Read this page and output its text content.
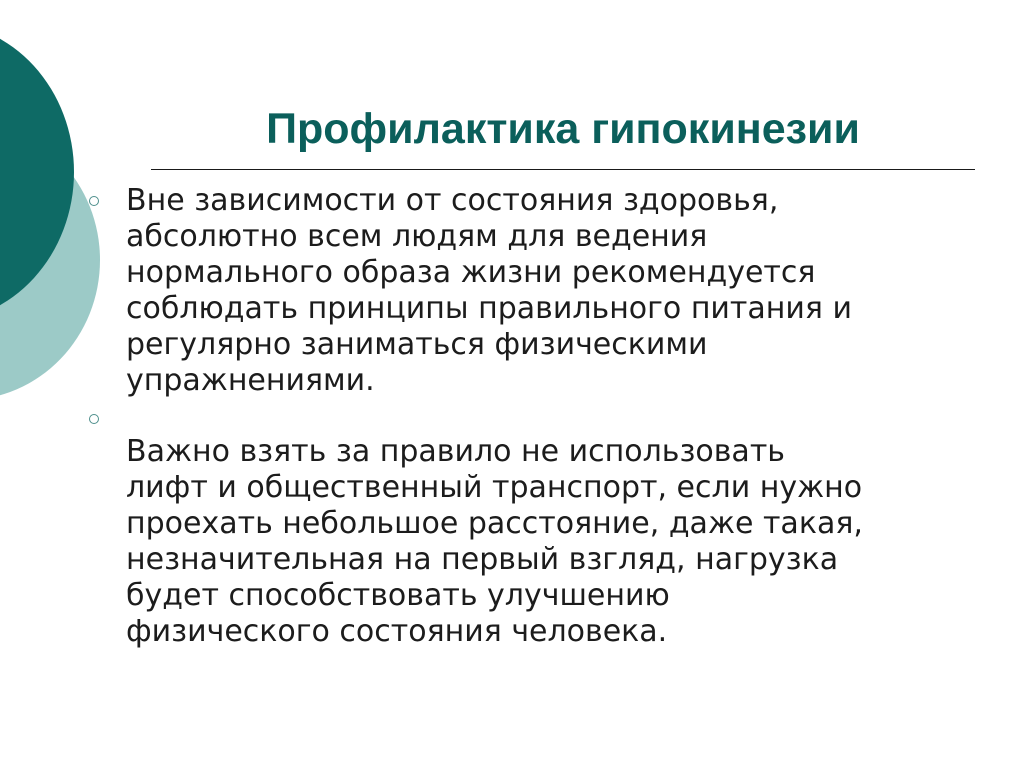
Профилактика гипокинезии

Вне зависимости от состояния здоровья,
абсолютно всем людям для ведения
нормального образа жизни рекомендуется
соблюдать принципы правильного питания и
регулярно заниматься физическими
упражнениями.

Важно взять за правило не использовать
лифт и общественный транспорт, если нужно
проехать небольшое расстояние, даже такая,
незначительная на первый взгляд, нагрузка
будет способствовать улучшению
физического состояния человека.
